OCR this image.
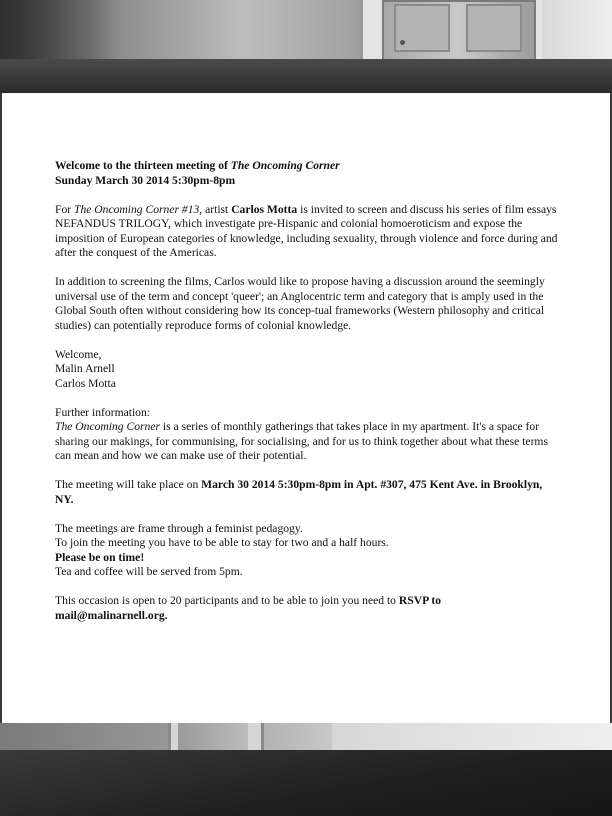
Welcome to the thirteen meeting of The Oncoming Corner
Sunday March 30 2014 5:30pm-8pm

For The Oncoming Corner #13, artist Carlos Motta is invited to screen and discuss his series of film essays NEFANDUS TRILOGY, which investigate pre-Hispanic and colonial homoeroticism and expose the imposition of European categories of knowledge, including sexuality, through violence and force during and after the conquest of the Americas.

In addition to screening the films, Carlos would like to propose having a discussion around the seemingly universal use of the term and concept 'queer'; an Anglocentric term and category that is amply used in the Global South often without considering how its concep-tual frameworks (Western philosophy and critical studies) can potentially reproduce forms of colonial knowledge.

Welcome,
Malin Arnell
Carlos Motta

Further information:
The Oncoming Corner is a series of monthly gatherings that takes place in my apartment. It's a space for sharing our makings, for communising, for socialising, and for us to think together about what these terms can mean and how we can make use of their potential.

The meeting will take place on March 30 2014 5:30pm-8pm in Apt. #307, 475 Kent Ave. in Brooklyn, NY.

The meetings are frame through a feminist pedagogy.
To join the meeting you have to be able to stay for two and a half hours.
Please be on time!
Tea and coffee will be served from 5pm.

This occasion is open to 20 participants and to be able to join you need to RSVP to
mail@malinarnell.org.
